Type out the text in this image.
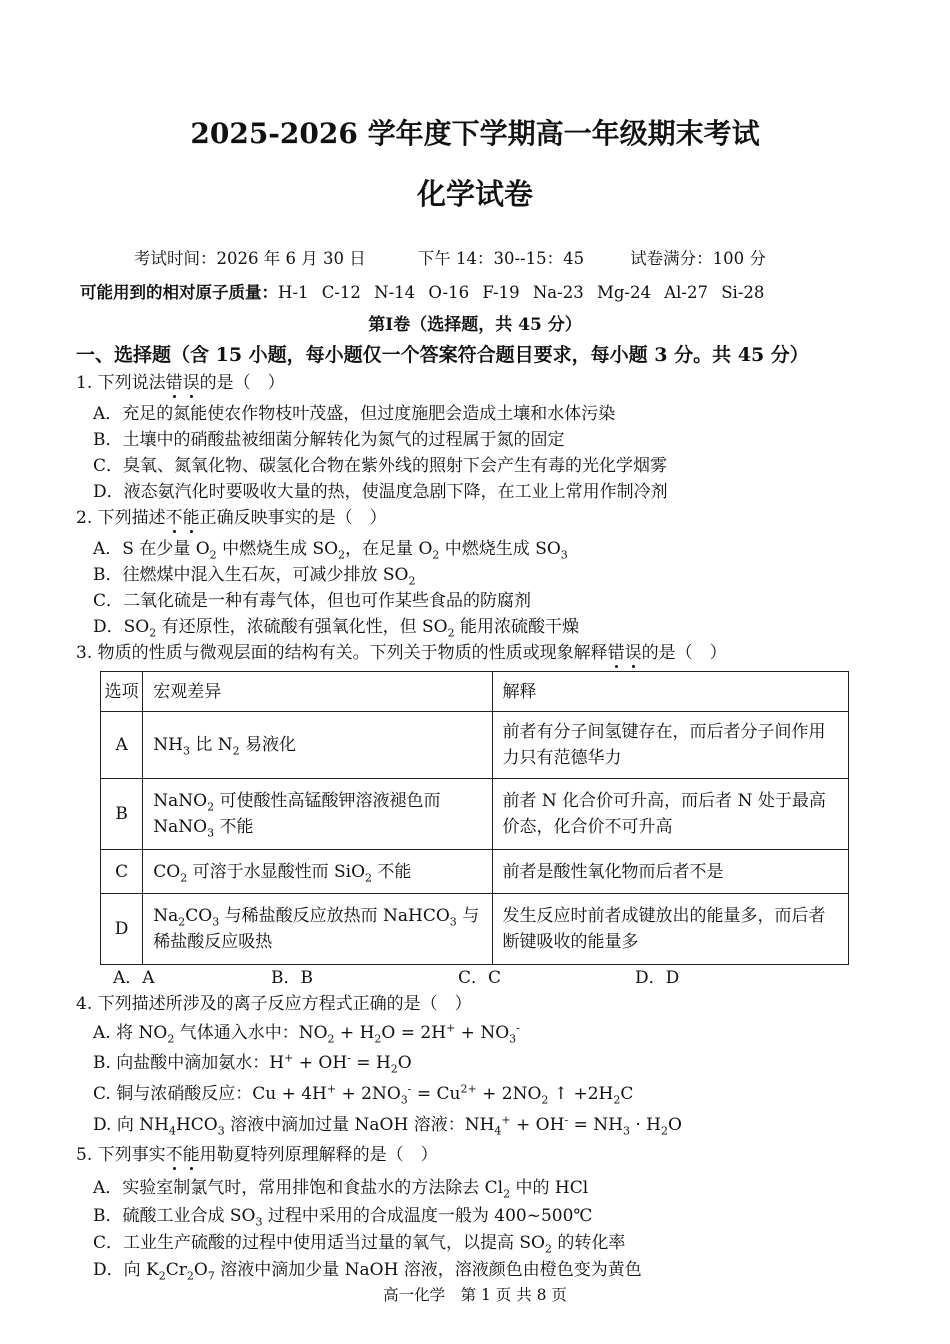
2025-2026 学年度下学期高一年级期末考试
化学试卷
考试时间：2026 年 6 月 30 日	下午 14：30--15：45	试卷满分：100 分
可能用到的相对原子质量：H-1 C-12 N-14 O-16 F-19 Na-23 Mg-24 Al-27 Si-28
第Ⅰ卷（选择题，共 45 分）
一、选择题（含 15 小题，每小题仅一个答案符合题目要求，每小题 3 分。共 45 分）
1. 下列说法错误的是（　）
A．充足的氮能使农作物枝叶茂盛，但过度施肥会造成土壤和水体污染
B．土壤中的硝酸盐被细菌分解转化为氮气的过程属于氮的固定
C．臭氧、氮氧化物、碳氢化合物在紫外线的照射下会产生有毒的光化学烟雾
D．液态氨汽化时要吸收大量的热，使温度急剧下降，在工业上常用作制冷剂
2. 下列描述不能正确反映事实的是（　）
A．S 在少量 $O_2$ 中燃烧生成 $SO_2$，在足量 $O_2$ 中燃烧生成 $SO_3$
B．往燃煤中混入生石灰，可减少排放 $SO_2$
C．二氧化硫是一种有毒气体，但也可作某些食品的防腐剂
D．$SO_2$ 有还原性，浓硫酸有强氧化性，但 $SO_2$ 能用浓硫酸干燥
3. 物质的性质与微观层面的结构有关。下列关于物质的性质或现象解释错误的是（　）
选项	宏观差异	解释
A	$NH_3$ 比 $N_2$ 易液化	前者有分子间氢键存在，而后者分子间作用力只有范德华力
B	NaNO$_2$ 可使酸性高锰酸钾溶液褪色而 NaNO$_3$ 不能	前者 N 化合价可升高，而后者 N 处于最高价态，化合价不可升高
C	$CO_2$ 可溶于水显酸性而 SiO$_2$ 不能	前者是酸性氧化物而后者不是
D	$Na_2CO_3$ 与稀盐酸反应放热而 NaHCO$_3$ 与稀盐酸反应吸热	发生反应时前者成键放出的能量多，而后者断键吸收的能量多
A．A	B．B	C．C	D．D
4. 下列描述所涉及的离子反应方程式正确的是（　）
A. 将 $NO_2$ 气体通入水中：$NO_2 + H_2O = 2H^+ + NO_3^-$
B. 向盐酸中滴加氨水：$H^+ + OH^- = H_2O$
C. 铜与浓硝酸反应：$Cu + 4H^+ + 2NO_3^- = Cu^{2+} + 2NO_2$ ↑ $+2H_2C$
D. 向 $NH_4HCO_3$ 溶液中滴加过量 NaOH 溶液：$NH_4^+ + OH^- = NH_3 \cdot H_2O$
5. 下列事实不能用勒夏特列原理解释的是（　）
A．实验室制氯气时，常用排饱和食盐水的方法除去 $Cl_2$ 中的 HCl
B．硫酸工业合成 $SO_3$ 过程中采用的合成温度一般为 400~500℃
C．工业生产硫酸的过程中使用适当过量的氧气，以提高 $SO_2$ 的转化率
D．向 $K_2Cr_2O_7$ 溶液中滴加少量 NaOH 溶液，溶液颜色由橙色变为黄色
高一化学　第 1 页 共 8 页
